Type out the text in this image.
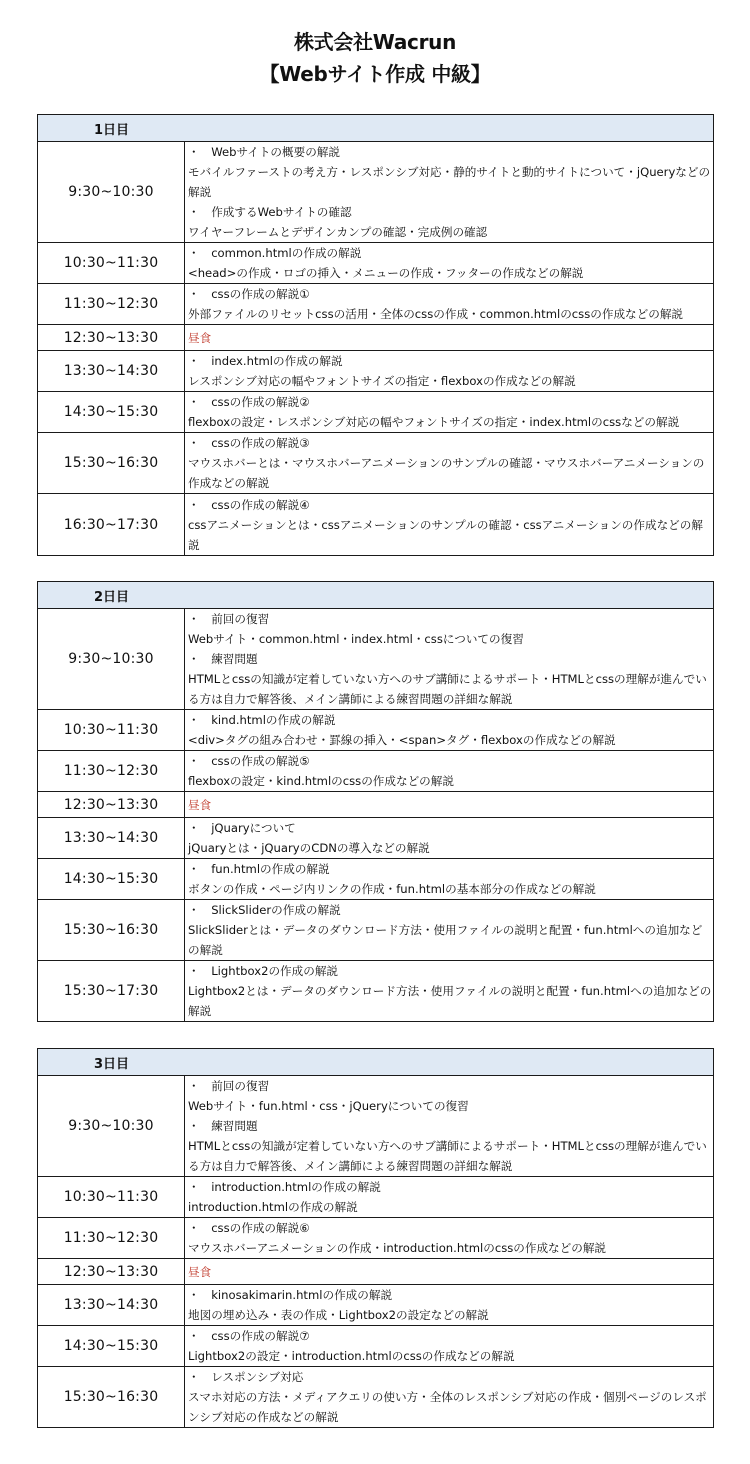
株式会社Wacrun
【Webサイト作成 中級】
1日目	
9:30~10:30	・　Webサイトの概要の解説
モバイルファーストの考え方・レスポンシブ対応・静的サイトと動的サイトについて・jQueryなどの解説
・　作成するWebサイトの確認
ワイヤーフレームとデザインカンプの確認・完成例の確認

10:30~11:30	・　common.htmlの作成の解説
<head>の作成・ロゴの挿入・メニューの作成・フッターの作成などの解説

11:30~12:30	・　cssの作成の解説①
外部ファイルのリセットcssの活用・全体のcssの作成・common.htmlのcssの作成などの解説

12:30~13:30	昼食

13:30~14:30	・　index.htmlの作成の解説
レスポンシブ対応の幅やフォントサイズの指定・flexboxの作成などの解説

14:30~15:30	・　cssの作成の解説②
flexboxの設定・レスポンシブ対応の幅やフォントサイズの指定・index.htmlのcssなどの解説

15:30~16:30	・　cssの作成の解説③
マウスホバーとは・マウスホバーアニメーションのサンプルの確認・マウスホバーアニメーションの作成などの解説

16:30~17:30	・　cssの作成の解説④
cssアニメーションとは・cssアニメーションのサンプルの確認・cssアニメーションの作成などの解説
2日目	
9:30~10:30	・　前回の復習
Webサイト・common.html・index.html・cssについての復習
・　練習問題
HTMLとcssの知識が定着していない方へのサブ講師によるサポート・HTMLとcssの理解が進んでいる方は自力で解答後、メイン講師による練習問題の詳細な解説

10:30~11:30	・　kind.htmlの作成の解説
<div>タグの組み合わせ・罫線の挿入・<span>タグ・flexboxの作成などの解説

11:30~12:30	・　cssの作成の解説⑤
flexboxの設定・kind.htmlのcssの作成などの解説

12:30~13:30	昼食

13:30~14:30	・　jQuaryについて
jQuaryとは・jQuaryのCDNの導入などの解説

14:30~15:30	・　fun.htmlの作成の解説
ボタンの作成・ページ内リンクの作成・fun.htmlの基本部分の作成などの解説

15:30~16:30	・　SlickSliderの作成の解説
SlickSliderとは・データのダウンロード方法・使用ファイルの説明と配置・fun.htmlへの追加などの解説

15:30~17:30	・　Lightbox2の作成の解説
Lightbox2とは・データのダウンロード方法・使用ファイルの説明と配置・fun.htmlへの追加などの解説
3日目	
9:30~10:30	・　前回の復習
Webサイト・fun.html・css・jQueryについての復習
・　練習問題
HTMLとcssの知識が定着していない方へのサブ講師によるサポート・HTMLとcssの理解が進んでいる方は自力で解答後、メイン講師による練習問題の詳細な解説

10:30~11:30	・　introduction.htmlの作成の解説
introduction.htmlの作成の解説

11:30~12:30	・　cssの作成の解説⑥
マウスホバーアニメーションの作成・introduction.htmlのcssの作成などの解説

12:30~13:30	昼食

13:30~14:30	・　kinosakimarin.htmlの作成の解説
地図の埋め込み・表の作成・Lightbox2の設定などの解説

14:30~15:30	・　cssの作成の解説⑦
Lightbox2の設定・introduction.htmlのcssの作成などの解説

15:30~16:30	・　レスポンシブ対応
スマホ対応の方法・メディアクエリの使い方・全体のレスポンシブ対応の作成・個別ページのレスポンシブ対応の作成などの解説
